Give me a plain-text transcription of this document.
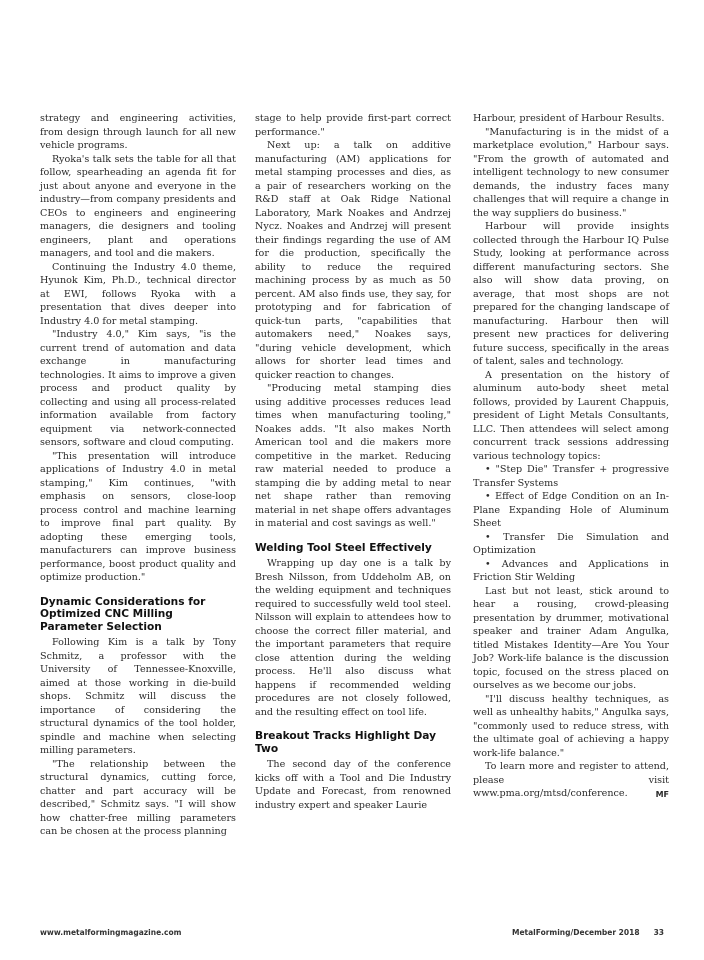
strategy and engineering activities, from design through launch for all new vehicle programs.

Ryoka's talk sets the table for all that follow, spearheading an agenda fit for just about anyone and everyone in the industry—from company presidents and CEOs to engineers and engineering managers, die designers and tooling engineers, plant and operations managers, and tool and die makers.

Continuing the Industry 4.0 theme, Hyunok Kim, Ph.D., technical director at EWI, follows Ryoka with a presentation that dives deeper into Industry 4.0 for metal stamping.

"Industry 4.0," Kim says, "is the current trend of automation and data exchange in manufacturing technologies. It aims to improve a given process and product quality by collecting and using all process-related information available from factory equipment via network-connected sensors, software and cloud computing.

"This presentation will introduce applications of Industry 4.0 in metal stamping," Kim continues, "with emphasis on sensors, close-loop process control and machine learning to improve final part quality. By adopting these emerging tools, manufacturers can improve business performance, boost product quality and optimize production."

Dynamic Considerations for Optimized CNC Milling Parameter Selection

Following Kim is a talk by Tony Schmitz, a professor with the University of Tennessee-Knoxville, aimed at those working in die-build shops. Schmitz will discuss the importance of considering the structural dynamics of the tool holder, spindle and machine when selecting milling parameters.

"The relationship between the structural dynamics, cutting force, chatter and part accuracy will be described," Schmitz says. "I will show how chatter-free milling parameters can be chosen at the process planning

stage to help provide first-part correct performance."

Next up: a talk on additive manufacturing (AM) applications for metal stamping processes and dies, as a pair of researchers working on the R&D staff at Oak Ridge National Laboratory, Mark Noakes and Andrzej Nycz. Noakes and Andrzej will present their findings regarding the use of AM for die production, specifically the ability to reduce the required machining process by as much as 50 percent. AM also finds use, they say, for prototyping and for fabrication of quick-tun parts, "capabilities that automakers need," Noakes says, "during vehicle development, which allows for shorter lead times and quicker reaction to changes.

"Producing metal stamping dies using additive processes reduces lead times when manufacturing tooling," Noakes adds. "It also makes North American tool and die makers more competitive in the market. Reducing raw material needed to produce a stamping die by adding metal to near net shape rather than removing material in net shape offers advantages in material and cost savings as well."

Welding Tool Steel Effectively

Wrapping up day one is a talk by Bresh Nilsson, from Uddeholm AB, on the welding equipment and techniques required to successfully weld tool steel. Nilsson will explain to attendees how to choose the correct filler material, and the important parameters that require close attention during the welding process. He'll also discuss what happens if recommended welding procedures are not closely followed, and the resulting effect on tool life.

Breakout Tracks Highlight Day Two

The second day of the conference kicks off with a Tool and Die Industry Update and Forecast, from renowned industry expert and speaker Laurie

Harbour, president of Harbour Results.

"Manufacturing is in the midst of a marketplace evolution," Harbour says. "From the growth of automated and intelligent technology to new consumer demands, the industry faces many challenges that will require a change in the way suppliers do business."

Harbour will provide insights collected through the Harbour IQ Pulse Study, looking at performance across different manufacturing sectors. She also will show data proving, on average, that most shops are not prepared for the changing landscape of manufacturing. Harbour then will present new practices for delivering future success, specifically in the areas of talent, sales and technology.

A presentation on the history of aluminum auto-body sheet metal follows, provided by Laurent Chappuis, president of Light Metals Consultants, LLC. Then attendees will select among concurrent track sessions addressing various technology topics:

• "Step Die" Transfer + progressive Transfer Systems

• Effect of Edge Condition on an In-Plane Expanding Hole of Aluminum Sheet

• Transfer Die Simulation and Optimization

• Advances and Applications in Friction Stir Welding

Last but not least, stick around to hear a rousing, crowd-pleasing presentation by drummer, motivational speaker and trainer Adam Angulka, titled Mistakes Identity—Are You Your Job? Work-life balance is the discussion topic, focused on the stress placed on ourselves as we become our jobs.

"I'll discuss healthy techniques, as well as unhealthy habits," Angulka says, "commonly used to reduce stress, with the ultimate goal of achieving a happy work-life balance."

To learn more and register to attend, please visit www.pma.org/mtsd/conference.	MF

www.metalformingmagazine.com	MetalForming/December 2018 33
